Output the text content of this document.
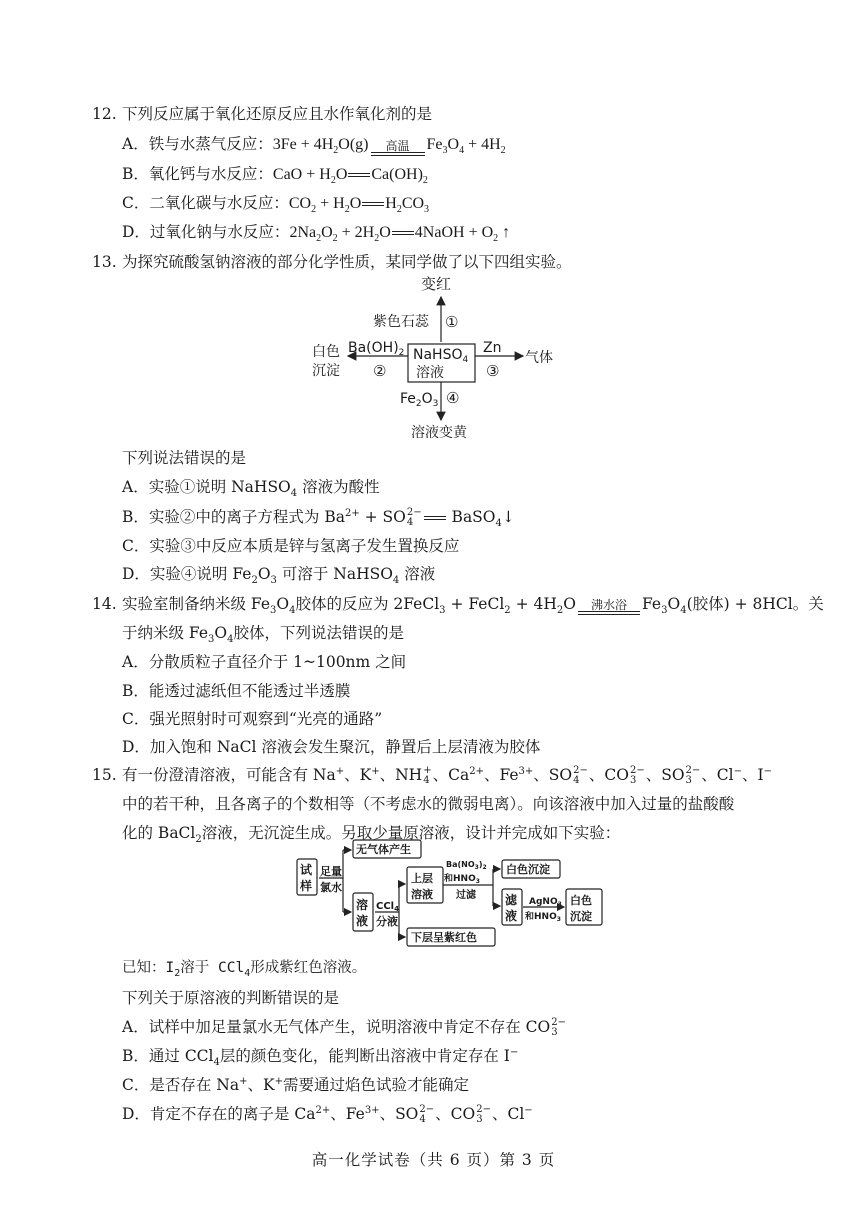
12. 下列反应属于氧化还原反应且水作氧化剂的是
A．铁与水蒸气反应：$3Fe + 4H_2O(g)$	高温	$Fe_3O_4 + 4H_2$
B．氧化钙与水反应：CaO + $H_2O$ $Ca(OH)_2$
C．二氧化碳与水反应：$CO_2 + H_2O$ $H_2CO_3$
D．过氧化钠与水反应：$2Na_2O_2 + 2H_2O$ 4NaOH + $O_2$ ↑
13. 为探究硫酸氢钠溶液的部分化学性质，某同学做了以下四组实验。
变红
紫色石蕊 ①
NaHSO$_4$
溶液
$Ba(OH)_2$
②
白色
沉淀
Zn
③
气体
$Fe_2O_3$ ④
溶液变黄
下列说法错误的是
A．实验①说明 NaHSO$_4$ 溶液为酸性
B．实验②中的离子方程式为 $Ba^{2+}$ + SO 2−
4	BaSO$_4$↓
C．实验③中反应本质是锌与氢离子发生置换反应
D．实验④说明 $Fe_2O_3$ 可溶于 NaHSO$_4$ 溶液
14. 实验室制备纳米级 $Fe_3O_4$胶体的反应为 2FeCl$_3$ + FeCl$_2$ + $4H_2O$	沸水浴 $Fe_3O_4$(胶体) + 8HCl。关
于纳米级 $Fe_3O_4$胶体，下列说法错误的是
A．分散质粒子直径介于 1~100nm 之间
B．能透过滤纸但不能透过半透膜
C．强光照射时可观察到“光亮的通路”
D．加入饱和 NaCl 溶液会发生聚沉，静置后上层清液为胶体
15. 有一份澄清溶液，可能含有 Na+、K+、NH +
4 、$Ca^{2+}$、$Fe^{3+}$、SO 2−
4 、CO 2−
3 、SO 2−
3 、Cl−、I−
中的若干种，且各离子的个数相等（不考虑水的微弱电离）。向该溶液中加入过量的盐酸酸
化的 BaCl$_2$溶液，无沉淀生成。另取少量原溶液，设计并完成如下实验：
试
样
足量
氯水
无气体产生
溶
液
CCl$_4$
分液
上层
溶液
$Ba(NO_3)_2$
和$HNO_3$
过滤
白色沉淀
滤
液
AgNO$_3$
和$HNO_3$
白色
沉淀
下层呈紫红色
已知：$I_2$溶于 CCl$_4$形成紫红色溶液。
下列关于原溶液的判断错误的是
A．试样中加足量氯水无气体产生，说明溶液中肯定不存在 CO 2−
3
B．通过 CCl$_4$层的颜色变化，能判断出溶液中肯定存在 I−
C．是否存在 Na+、K+需要通过焰色试验才能确定
D．肯定不存在的离子是 $Ca^{2+}$、$Fe^{3+}$、SO 2−
4 、CO 2−
3 、Cl−
高一化学试卷（共 6 页）第 3 页
